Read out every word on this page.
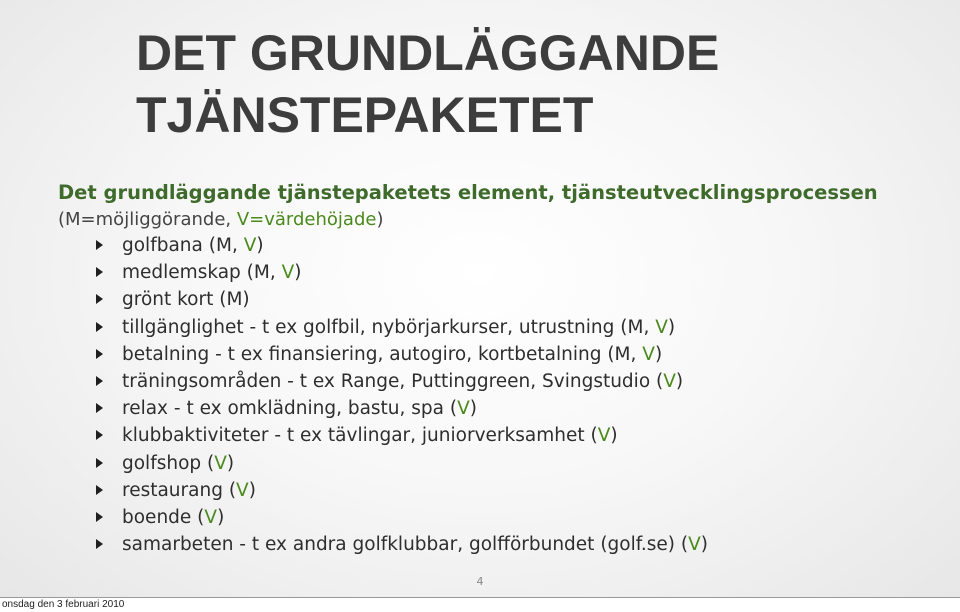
DET GRUNDLÄGGANDE
TJÄNSTEPAKETET
Det grundläggande tjänstepaketets element, tjänsteutvecklingsprocessen
(M=möjliggörande, V=värdehöjade)
golfbana (M, V)
medlemskap (M, V)
grönt kort (M)
tillgänglighet - t ex golfbil, nybörjarkurser, utrustning (M, V)
betalning - t ex finansiering, autogiro, kortbetalning (M, V)
träningsområden - t ex Range, Puttinggreen, Svingstudio (V)
relax - t ex omklädning, bastu, spa (V)
klubbaktiviteter - t ex tävlingar, juniorverksamhet (V)
golfshop (V)
restaurang (V)
boende (V)
samarbeten - t ex andra golfklubbar, golfförbundet (golf.se) (V)
4
onsdag den 3 februari 2010
